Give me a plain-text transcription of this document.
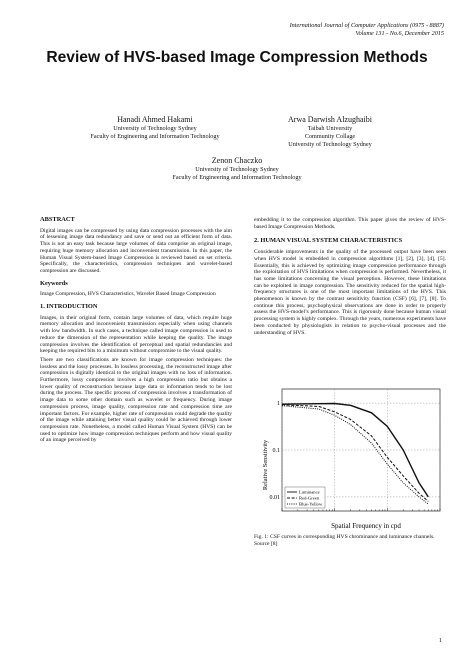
International Journal of Computer Applications (0975 - 8887)
Volume 131 - No.6, December 2015
Review of HVS-based Image Compression Methods
Hanadi Ahmed Hakami
University of Technology Sydney
Faculty of Engineering and Information Technology
Arwa Darwish Alzughaibi
Taibah University
Community Collage
University of Technology Sydney
Zenon Chaczko
University of Technology Sydney
Faculty of Engineering and Information Technology
ABSTRACT

Digital images can be compressed by using data compression processes with the aim of lessening image data redundancy and save or send out an efficient form of data. This is not an easy task because large volumes of data comprise an original image, requiring huge memory allocation and inconvenient transmission. In this paper, the Human Visual System-based Image Compression is reviewed based on set criteria. Specifically, the characteristics, compression techniques and wavelet-based compression are discussed.

Keywords

Image Compression, HVS Characteristics, Wavelet Based Image Compression

1. INTRODUCTION

Images, in their original form, contain large volumes of data, which require huge memory allocation and inconvenient transmission especially when using channels with low bandwidth. In such cases, a technique called image compression is used to reduce the dimension of the representation while keeping the quality. The image compression involves the identification of perceptual and spatial redundancies and keeping the required bits to a minimum without compromise to the visual quality.

There are two classifications are known for image compression techniques: the lossless and the lossy processes. In lossless processing, the reconstructed image after compression is digitally identical to the original images with no loss of information. Furthermore, lossy compression involves a high compression ratio but obtains a lower quality of reconstruction because large data or information tends to be lost during the process. The specific process of compression involves a transformation of image data to some other domain such as wavelet or frequency. During image compression process, image quality, compression rate and compression time are important factors. For example, higher rate of compression could degrade the quality of the image while attaining better visual quality could be achieved through lower compression rate. Nonetheless, a model called Human Visual System (HVS) can be used to optimize how image compression techniques perform and how visual quality of an image perceived by

embedding it to the compression algorithm. This paper gives the review of HVS-based Image Compression Methods.

2. HUMAN VISUAL SYSTEM CHARACTERISTICS

Considerable improvements in the quality of the processed output have been seen when HVS model is embedded in compression algorithms [1], [2], [3], [4], [5]. Essentially, this is achieved by optimizing image compression performance through the exploitation of HVS limitations when compression is performed. Nevertheless, it has some limitations concerning the visual perception. However, these limitations can be exploited in image compression. The sensitivity reduced for the spatial high-frequency structures is one of the most important limitations of the HVS. This phenomenon is known by the contrast sensitivity function (CSF) [6], [7], [8]. To continue this process, psychophysical observations are done in order to properly assess the HVS-model’s performance. This is rigorously done because human visual processing system is highly complex. Through the years, numerous experiments have been conducted by physiologists in relation to psycho-visual processes and the understanding of HVS.

1
0.1
0.01
Luminance
Red-Green
Blue-Yellow
Relative Sensitivity
Spatial Frequency in cpd
Fig. 1: CSF curves in corresponding HVS chrominance and luminance channels. Source [8]
1
